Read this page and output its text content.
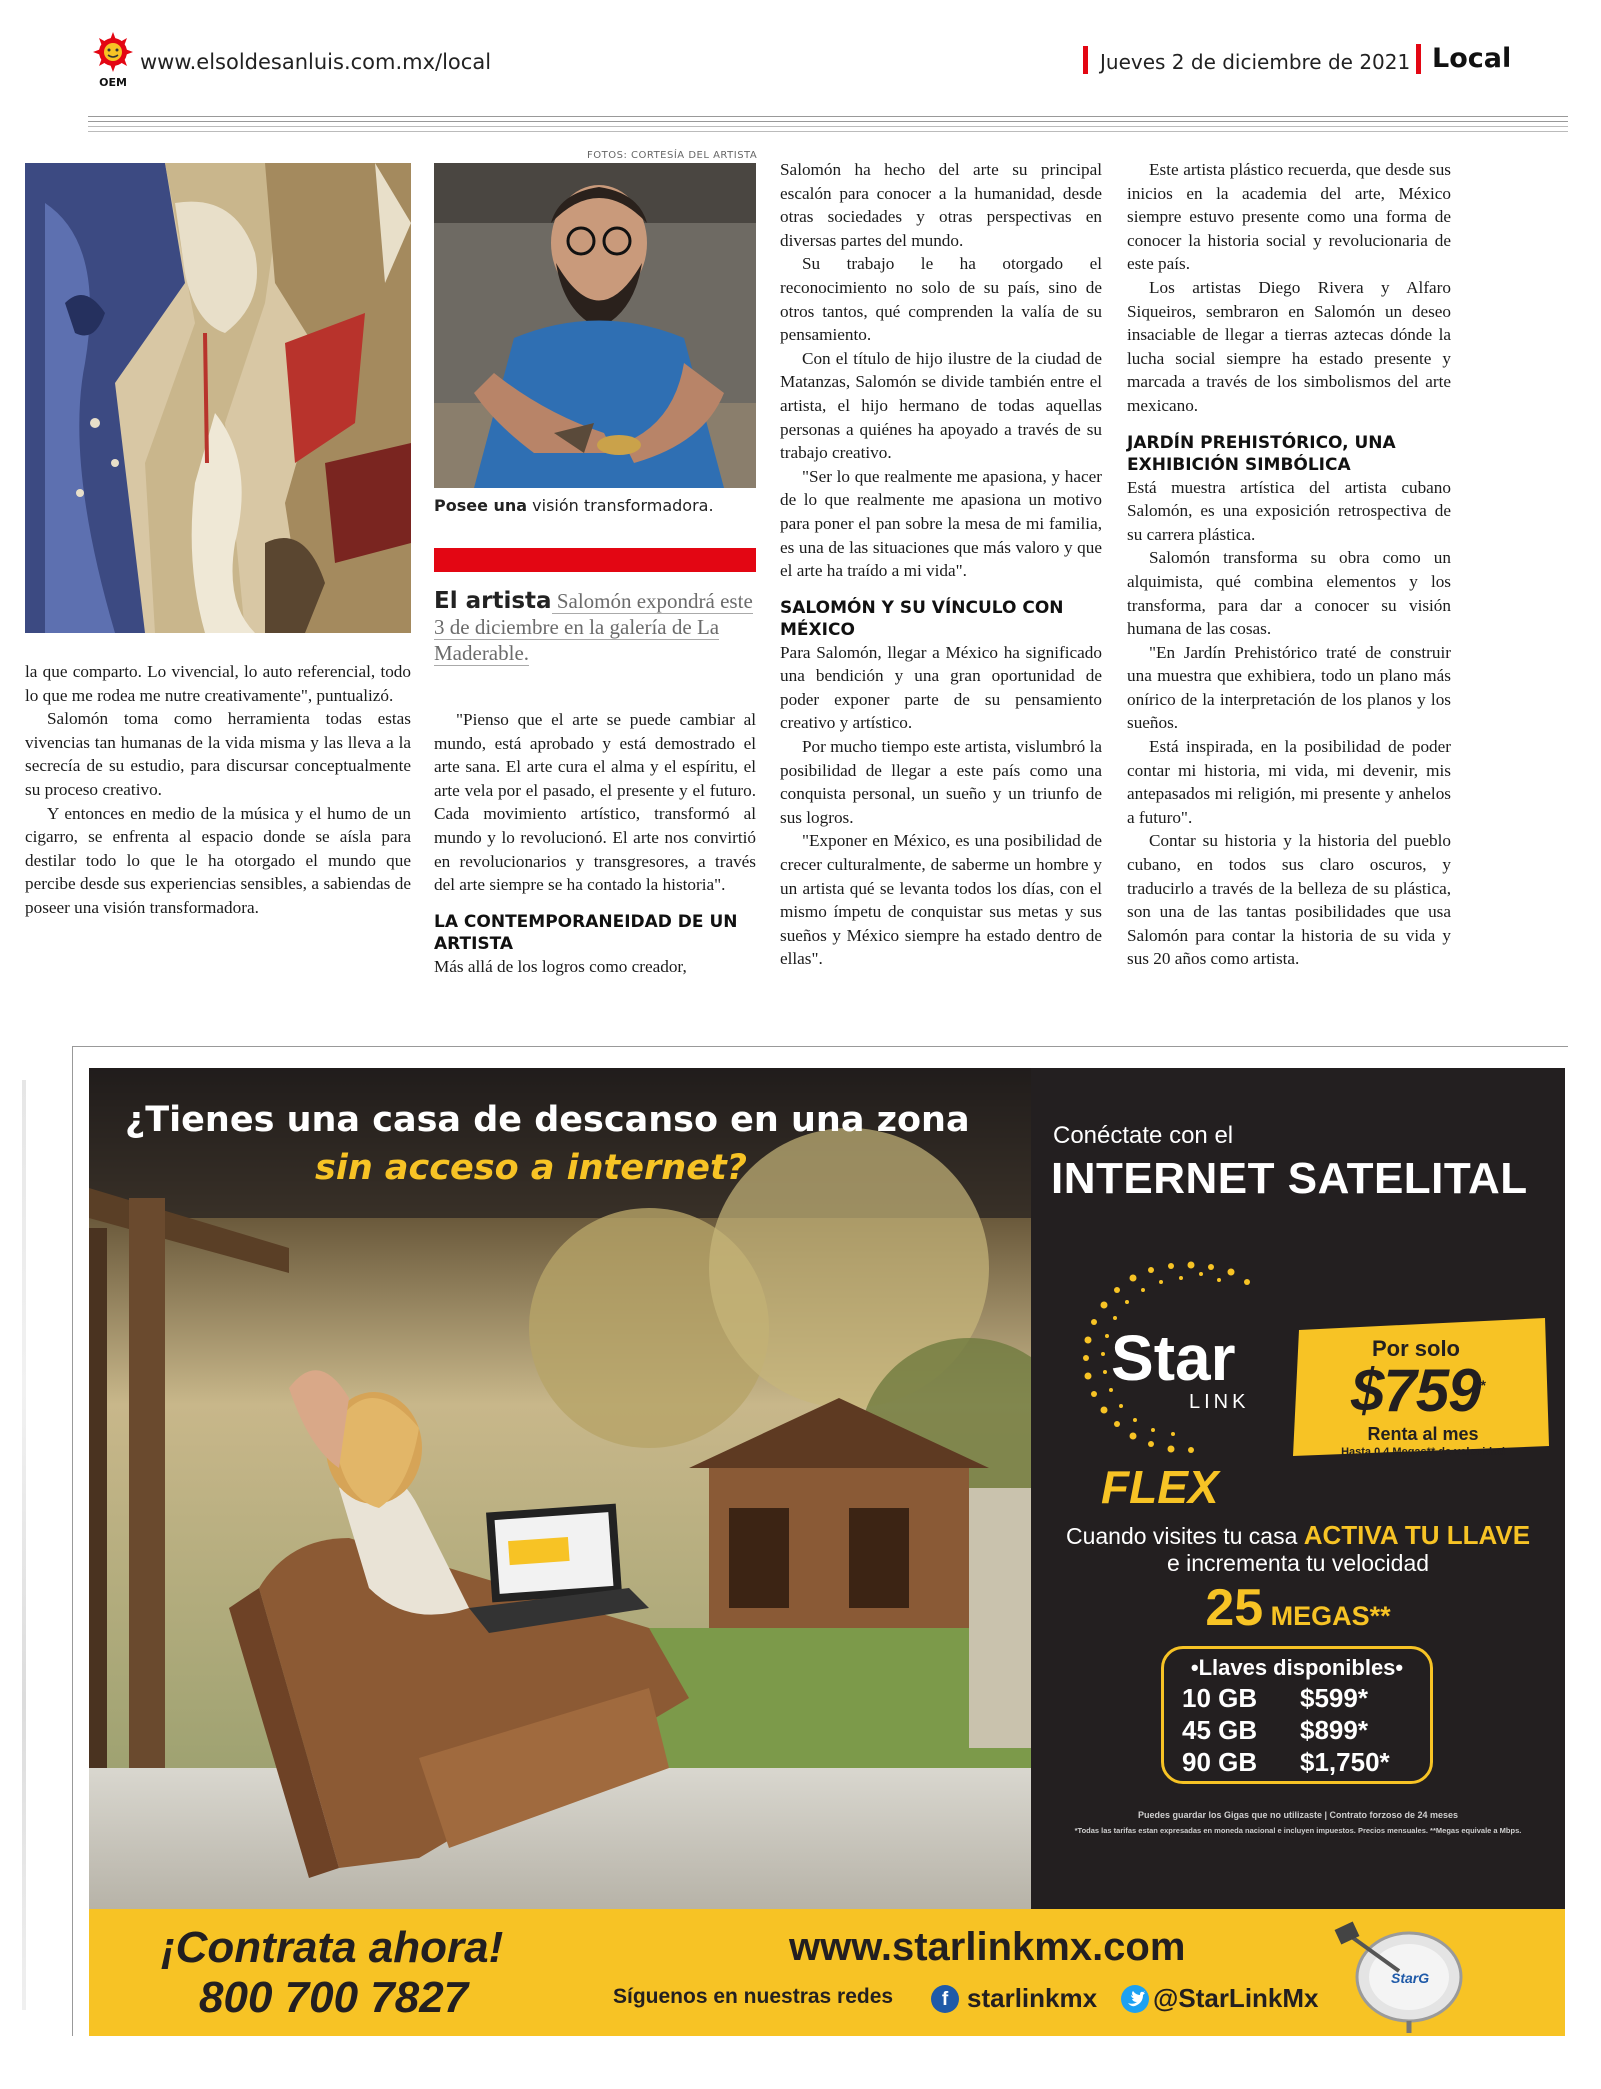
OEM
www.elsoldesanluis.com.mx/local	Jueves 2 de diciembre de 2021 Local
FOTOS: CORTESÍA DEL ARTISTA
Posee una visión transformadora.
El artista Salomón expondrá este 3 de diciembre en la galería de La Maderable.

la que comparto. Lo vivencial, lo auto referencial, todo lo que me rodea me nutre creativamente", puntualizó.

Salomón toma como herramienta todas estas vivencias tan humanas de la vida misma y las lleva a la secrecía de su estudio, para discursar conceptualmente su proceso creativo.

Y entonces en medio de la música y el humo de un cigarro, se enfrenta al espacio donde se aísla para destilar todo lo que le ha otorgado el mundo que percibe desde sus experiencias sensibles, a sabiendas de poseer una visión transformadora.

"Pienso que el arte se puede cambiar al mundo, está aprobado y está demostrado el arte sana. El arte cura el alma y el espíritu, el arte vela por el pasado, el presente y el futuro. Cada movimiento artístico, transformó al mundo y lo revolucionó. El arte nos convirtió en revolucionarios y transgresores, a través del arte siempre se ha contado la historia".

LA CONTEMPORANEIDAD DE UN ARTISTA

Más allá de los logros como creador,

Salomón ha hecho del arte su principal escalón para conocer a la humanidad, desde otras sociedades y otras perspectivas en diversas partes del mundo.

Su trabajo le ha otorgado el reconocimiento no solo de su país, sino de otros tantos, qué comprenden la valía de su pensamiento.

Con el título de hijo ilustre de la ciudad de Matanzas, Salomón se divide también entre el artista, el hijo hermano de todas aquellas personas a quiénes ha apoyado a través de su trabajo creativo.

"Ser lo que realmente me apasiona, y hacer de lo que realmente me apasiona un motivo para poner el pan sobre la mesa de mi familia, es una de las situaciones que más valoro y que el arte ha traído a mi vida".

SALOMÓN Y SU VÍNCULO CON MÉXICO

Para Salomón, llegar a México ha significado una bendición y una gran oportunidad de poder exponer parte de su pensamiento creativo y artístico.

Por mucho tiempo este artista, vislumbró la posibilidad de llegar a este país como una conquista personal, un sueño y un triunfo de sus logros.

"Exponer en México, es una posibilidad de crecer culturalmente, de saberme un hombre y un artista qué se levanta todos los días, con el mismo ímpetu de conquistar sus metas y sus sueños y México siempre ha estado dentro de ellas".

Este artista plástico recuerda, que desde sus inicios en la academia del arte, México siempre estuvo presente como una forma de conocer la historia social y revolucionaria de este país.

Los artistas Diego Rivera y Alfaro Siqueiros, sembraron en Salomón un deseo insaciable de llegar a tierras aztecas dónde la lucha social siempre ha estado presente y marcada a través de los simbolismos del arte mexicano.

JARDÍN PREHISTÓRICO, UNA EXHIBICIÓN SIMBÓLICA

Está muestra artística del artista cubano Salomón, es una exposición retrospectiva de su carrera plástica.

Salomón transforma su obra como un alquimista, qué combina elementos y los transforma, para dar a conocer su visión humana de las cosas.

"En Jardín Prehistórico traté de construir una muestra que exhibiera, todo un plano más onírico de la interpretación de los planos y los sueños.

Está inspirada, en la posibilidad de poder contar mi historia, mi vida, mi devenir, mis antepasados mi religión, mi presente y anhelos a futuro".

Contar su historia y la historia del pueblo cubano, en todos sus claro oscuros, y traducirlo a través de la belleza de su plástica, son una de las tantas posibilidades que usa Salomón para contar la historia de su vida y sus 20 años como artista.

¿Tienes una casa de descanso en una zona
sin acceso a internet?
Conéctate con el
INTERNET SATELITAL
Star
LINK
FLEX
Por solo
$759*
Renta al mes
Hasta 0.4 Megas** de velocidad
Cuando visites tu casa ACTIVA TU LLAVE
e incrementa tu velocidad
25 MEGAS**
•Llaves disponibles•
10 GB $599*
45 GB $899*
90 GB $1,750*
Puedes guardar los Gigas que no utilizaste | Contrato forzoso de 24 meses
*Todas las tarifas estan expresadas en moneda nacional e incluyen impuestos. Precios mensuales. **Megas equivale a Mbps.
¡Contrata ahora!
800 700 7827
www.starlinkmx.com
Síguenos en nuestras redes	f starlinkmx @StarLinkMx
StarG
